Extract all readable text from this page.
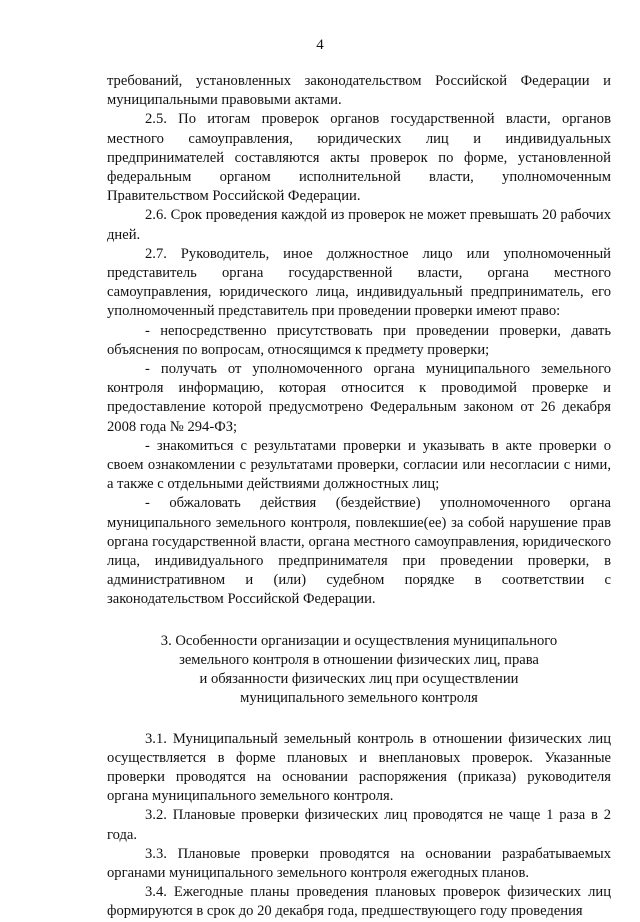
4

требований, установленных законодательством Российской Федерации и муниципальными правовыми актами.

2.5. По итогам проверок органов государственной власти, органов местного самоуправления, юридических лиц и индивидуальных предпринимателей составляются акты проверок по форме, установленной федеральным органом исполнительной власти, уполномоченным Правительством Российской Федерации.

2.6. Срок проведения каждой из проверок не может превышать 20 рабочих дней.

2.7. Руководитель, иное должностное лицо или уполномоченный представитель органа государственной власти, органа местного самоуправления, юридического лица, индивидуальный предприниматель, его уполномоченный представитель при проведении проверки имеют право:

- непосредственно присутствовать при проведении проверки, давать объяснения по вопросам, относящимся к предмету проверки;

- получать от уполномоченного органа муниципального земельного контроля информацию, которая относится к проводимой проверке и предоставление которой предусмотрено Федеральным законом от 26 декабря 2008 года № 294-ФЗ;

- знакомиться с результатами проверки и указывать в акте проверки о своем ознакомлении с результатами проверки, согласии или несогласии с ними, а также с отдельными действиями должностных лиц;

- обжаловать действия (бездействие) уполномоченного органа муниципального земельного контроля, повлекшие(ее) за собой нарушение прав органа государственной власти, органа местного самоуправления, юридического лица, индивидуального предпринимателя при проведении проверки, в административном и (или) судебном порядке в соответствии с законодательством Российской Федерации.

3. Особенности организации и осуществления муниципального
земельного контроля в отношении физических лиц, права
и обязанности физических лиц при осуществлении
муниципального земельного контроля

3.1. Муниципальный земельный контроль в отношении физических лиц осуществляется в форме плановых и внеплановых проверок. Указанные проверки проводятся на основании распоряжения (приказа) руководителя органа муниципального земельного контроля.

3.2. Плановые проверки физических лиц проводятся не чаще 1 раза в 2 года.

3.3. Плановые проверки проводятся на основании разрабатываемых органами муниципального земельного контроля ежегодных планов.

3.4. Ежегодные планы проведения плановых проверок физических лиц формируются в срок до 20 декабря года, предшествующего году проведения
